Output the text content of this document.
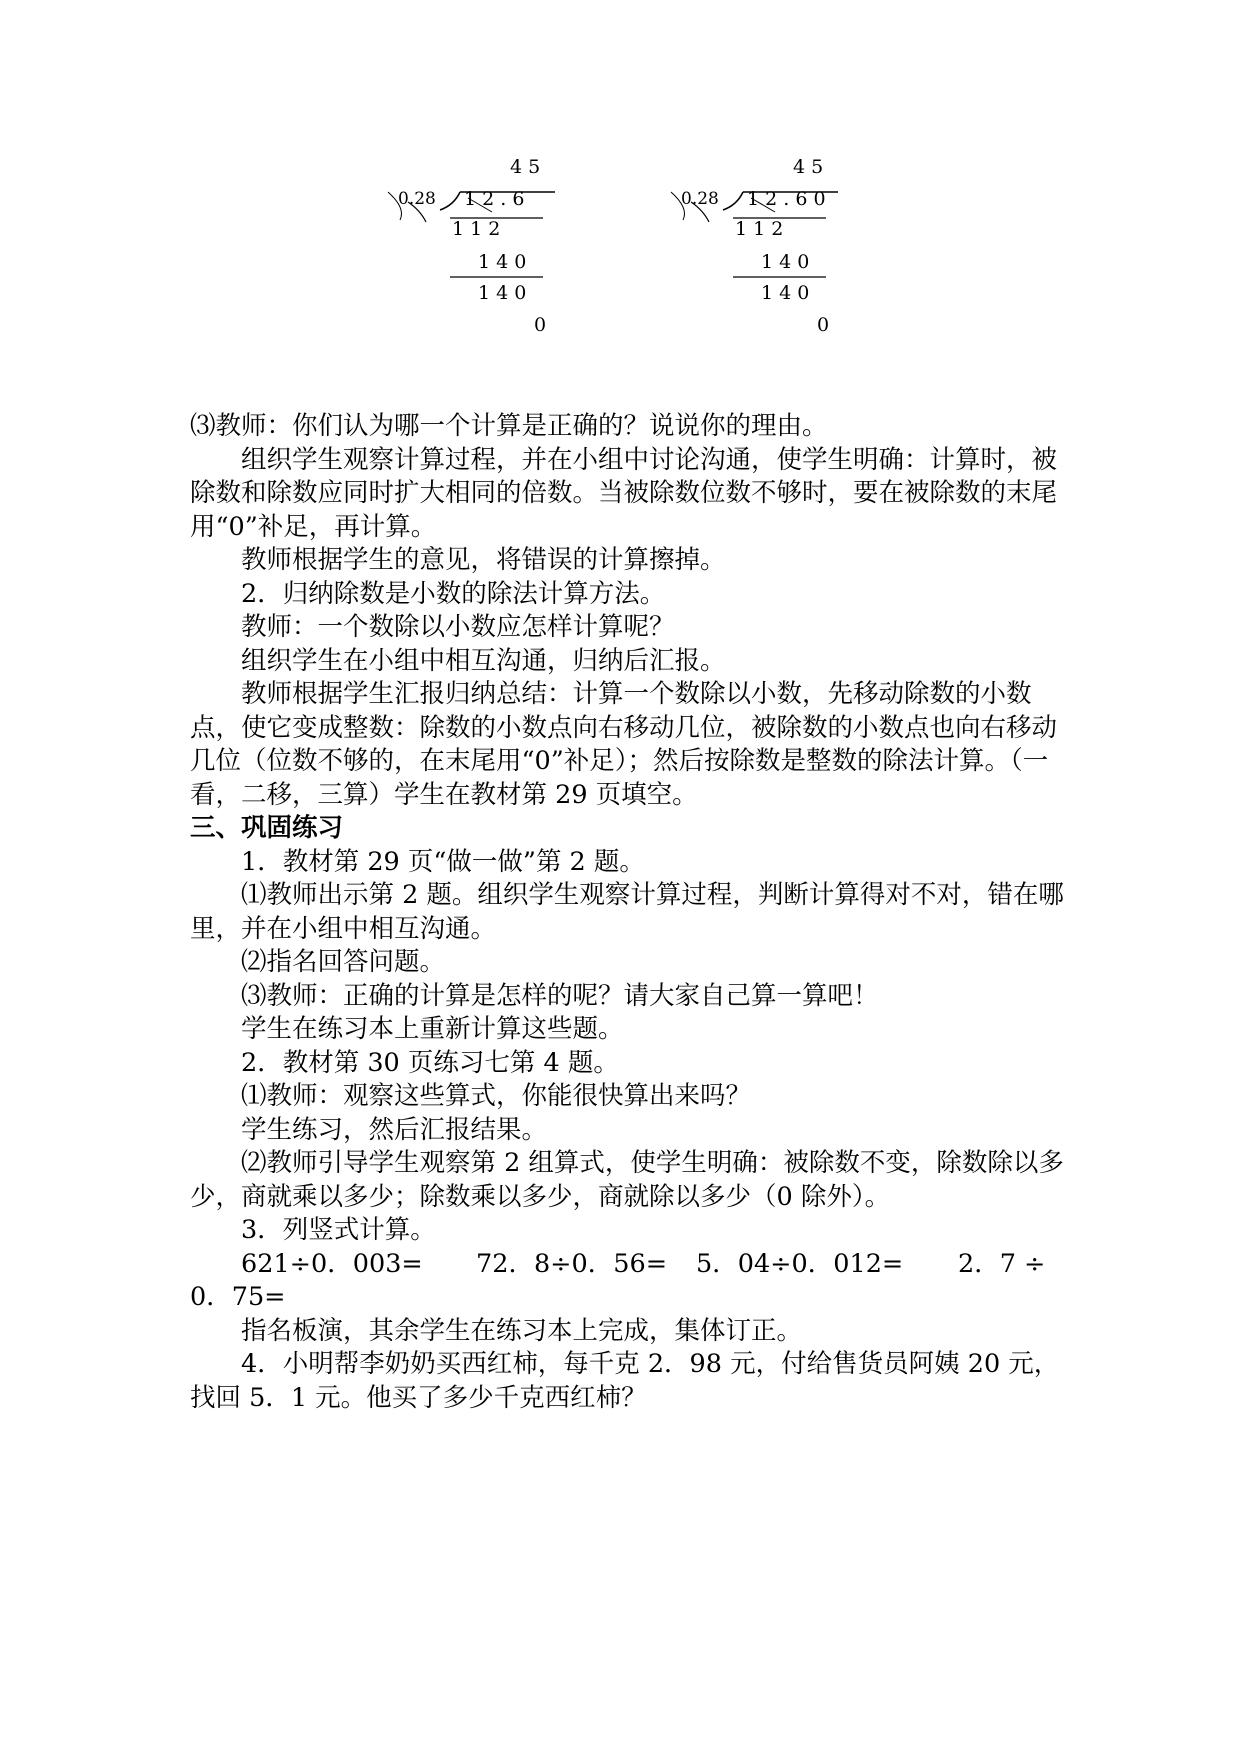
4 5
0.28 1 2 . 6
1 1 2
1 4 0
1 4 0
0
4 5
0.28 1 2 . 6 0
1 1 2
1 4 0
1 4 0
0

⑶教师：你们认为哪一个计算是正确的？说说你的理由。

组织学生观察计算过程，并在小组中讨论沟通，使学生明确：计算时，被除数和除数应同时扩大相同的倍数。当被除数位数不够时，要在被除数的末尾用“0”补足，再计算。

教师根据学生的意见，将错误的计算擦掉。

2．归纳除数是小数的除法计算方法。

教师：一个数除以小数应怎样计算呢？

组织学生在小组中相互沟通，归纳后汇报。

教师根据学生汇报归纳总结：计算一个数除以小数，先移动除数的小数点，使它变成整数：除数的小数点向右移动几位，被除数的小数点也向右移动几位（位数不够的，在末尾用“0”补足）；然后按除数是整数的除法计算。（一看，二移，三算）学生在教材第 29 页填空。

三、巩固练习

1．教材第 29 页“做一做”第 2 题。

⑴教师出示第 2 题。组织学生观察计算过程，判断计算得对不对，错在哪里，并在小组中相互沟通。

⑵指名回答问题。

⑶教师：正确的计算是怎样的呢？请大家自己算一算吧！

学生在练习本上重新计算这些题。

2．教材第 30 页练习七第 4 题。

⑴教师：观察这些算式，你能很快算出来吗？

学生练习，然后汇报结果。

⑵教师引导学生观察第 2 组算式，使学生明确：被除数不变，除数除以多少，商就乘以多少；除数乘以多少，商就除以多少（0 除外）。

3．列竖式计算。

621÷0．003=	72．8÷0．56=	5．04÷0．012=	2．7 ÷

0．75=

指名板演，其余学生在练习本上完成，集体订正。

4．小明帮李奶奶买西红柿，每千克 2．98 元，付给售货员阿姨 20 元，找回 5．1 元。他买了多少千克西红柿？
